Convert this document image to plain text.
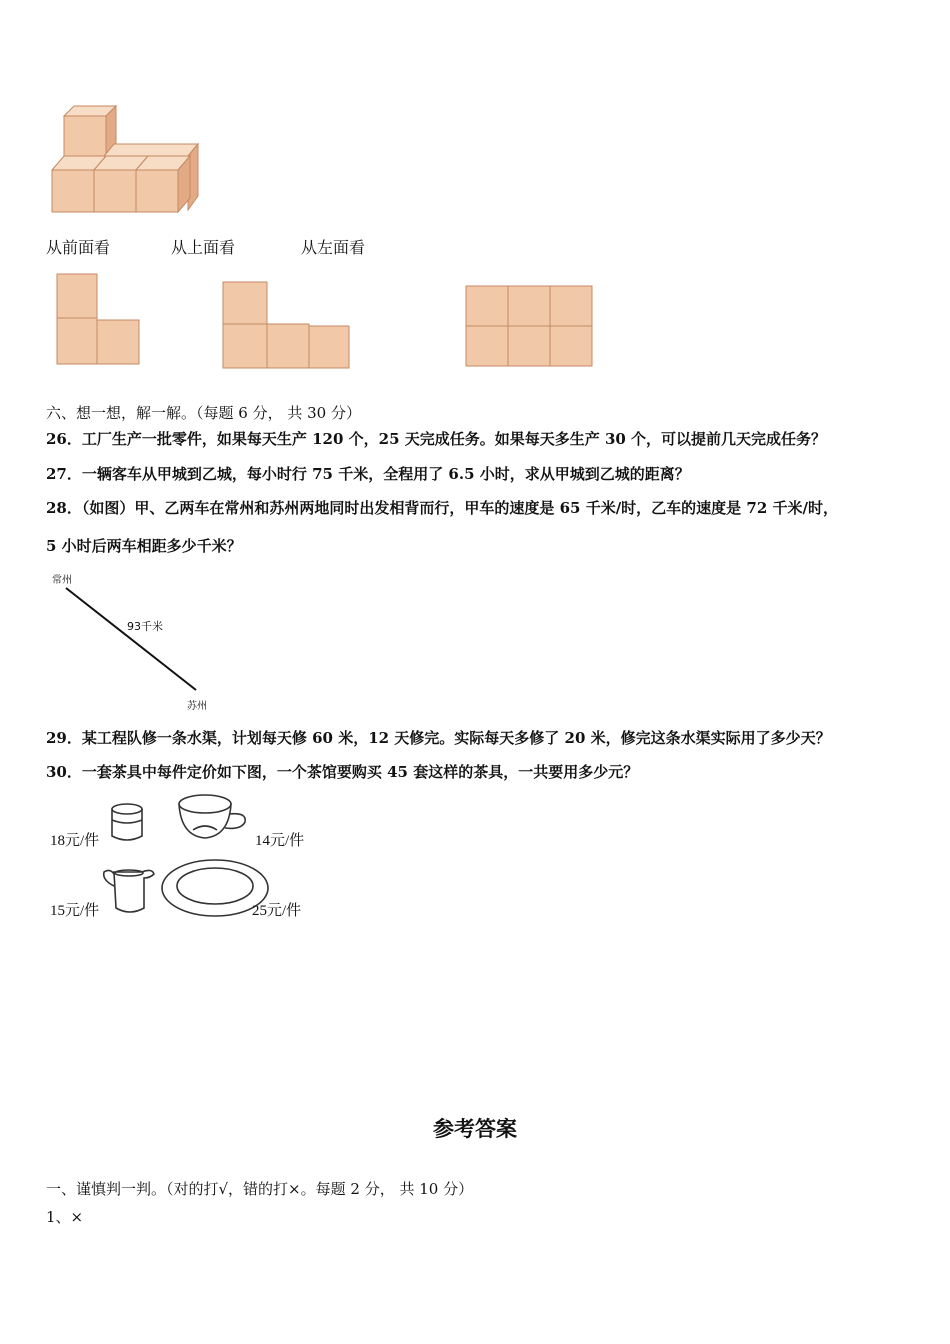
从前面看	从上面看	从左面看
六、想一想，解一解。（每题 6 分， 共 30 分）
26．工厂生产一批零件，如果每天生产 120 个，25 天完成任务。如果每天多生产 30 个，可以提前几天完成任务？
27．一辆客车从甲城到乙城，每小时行 75 千米，全程用了 6.5 小时，求从甲城到乙城的距离？
28．（如图）甲、乙两车在常州和苏州两地同时出发相背而行，甲车的速度是 65 千米/时，乙车的速度是 72 千米/时，
5 小时后两车相距多少千米？
常州
93千米
苏州
29．某工程队修一条水渠，计划每天修 60 米，12 天修完。实际每天多修了 20 米，修完这条水渠实际用了多少天？
30．一套茶具中每件定价如下图，一个茶馆要购买 45 套这样的茶具，一共要用多少元？
18元/件	14元/件
15元/件	25元/件
参考答案
一、谨慎判一判。（对的打√，错的打×。每题 2 分， 共 10 分）
1、×
